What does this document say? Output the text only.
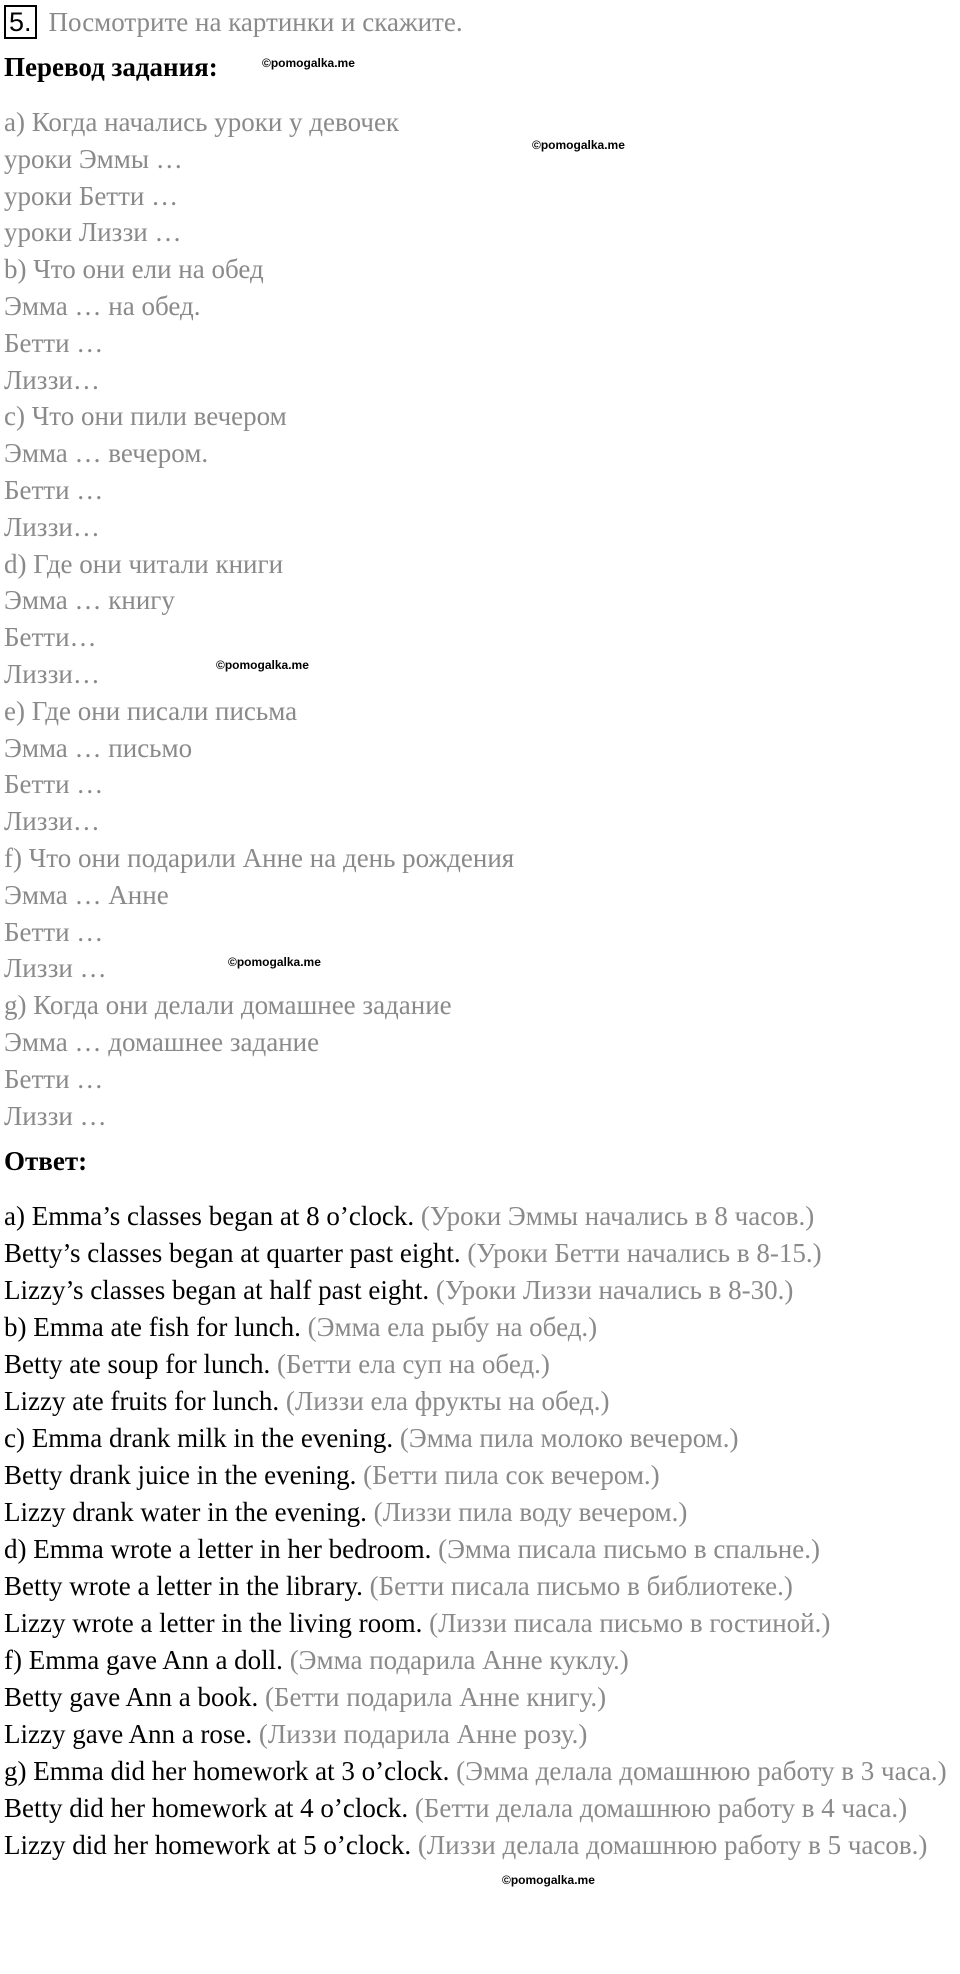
5. Посмотрите на картинки и скажите.
Перевод задания:	©pomogalka.me
а) Когда начались уроки у девочек
уроки Эммы …
уроки Бетти …
уроки Лиззи …
b) Что они ели на обед
Эмма … на обед.
Бетти …
Лиззи…
c) Что они пили вечером
Эмма … вечером.
Бетти …
Лиззи…
d) Где они читали книги
Эмма … книгу
Бетти…
Лиззи…
e) Где они писали письма
Эмма … письмо
Бетти …
Лиззи…
f) Что они подарили Анне на день рождения
Эмма … Анне
Бетти …
Лиззи …
g) Когда они делали домашнее задание
Эмма … домашнее задание
Бетти …
Лиззи …
©pomogalka.me
©pomogalka.me
©pomogalka.me
Ответ:
a) Emma’s classes began at 8 o’clock. (Уроки Эммы начались в 8 часов.)
Betty’s classes began at quarter past eight. (Уроки Бетти начались в 8-15.)
Lizzy’s classes began at half past eight. (Уроки Лиззи начались в 8-30.)
b) Emma ate fish for lunch. (Эмма ела рыбу на обед.)
Betty ate soup for lunch. (Бетти ела суп на обед.)
Lizzy ate fruits for lunch. (Лиззи ела фрукты на обед.)
c) Emma drank milk in the evening. (Эмма пила молоко вечером.)
Betty drank juice in the evening. (Бетти пила сок вечером.)
Lizzy drank water in the evening. (Лиззи пила воду вечером.)
d) Emma wrote a letter in her bedroom. (Эмма писала письмо в спальне.)
Betty wrote a letter in the library. (Бетти писала письмо в библиотеке.)
Lizzy wrote a letter in the living room. (Лиззи писала письмо в гостиной.)
f) Emma gave Ann a doll. (Эмма подарила Анне куклу.)
Betty gave Ann a book. (Бетти подарила Анне книгу.)
Lizzy gave Ann a rose. (Лиззи подарила Анне розу.)
g) Emma did her homework at 3 o’clock. (Эмма делала домашнюю работу в 3 часа.)
Betty did her homework at 4 o’clock. (Бетти делала домашнюю работу в 4 часа.)
Lizzy did her homework at 5 o’clock. (Лиззи делала домашнюю работу в 5 часов.)
©pomogalka.me
